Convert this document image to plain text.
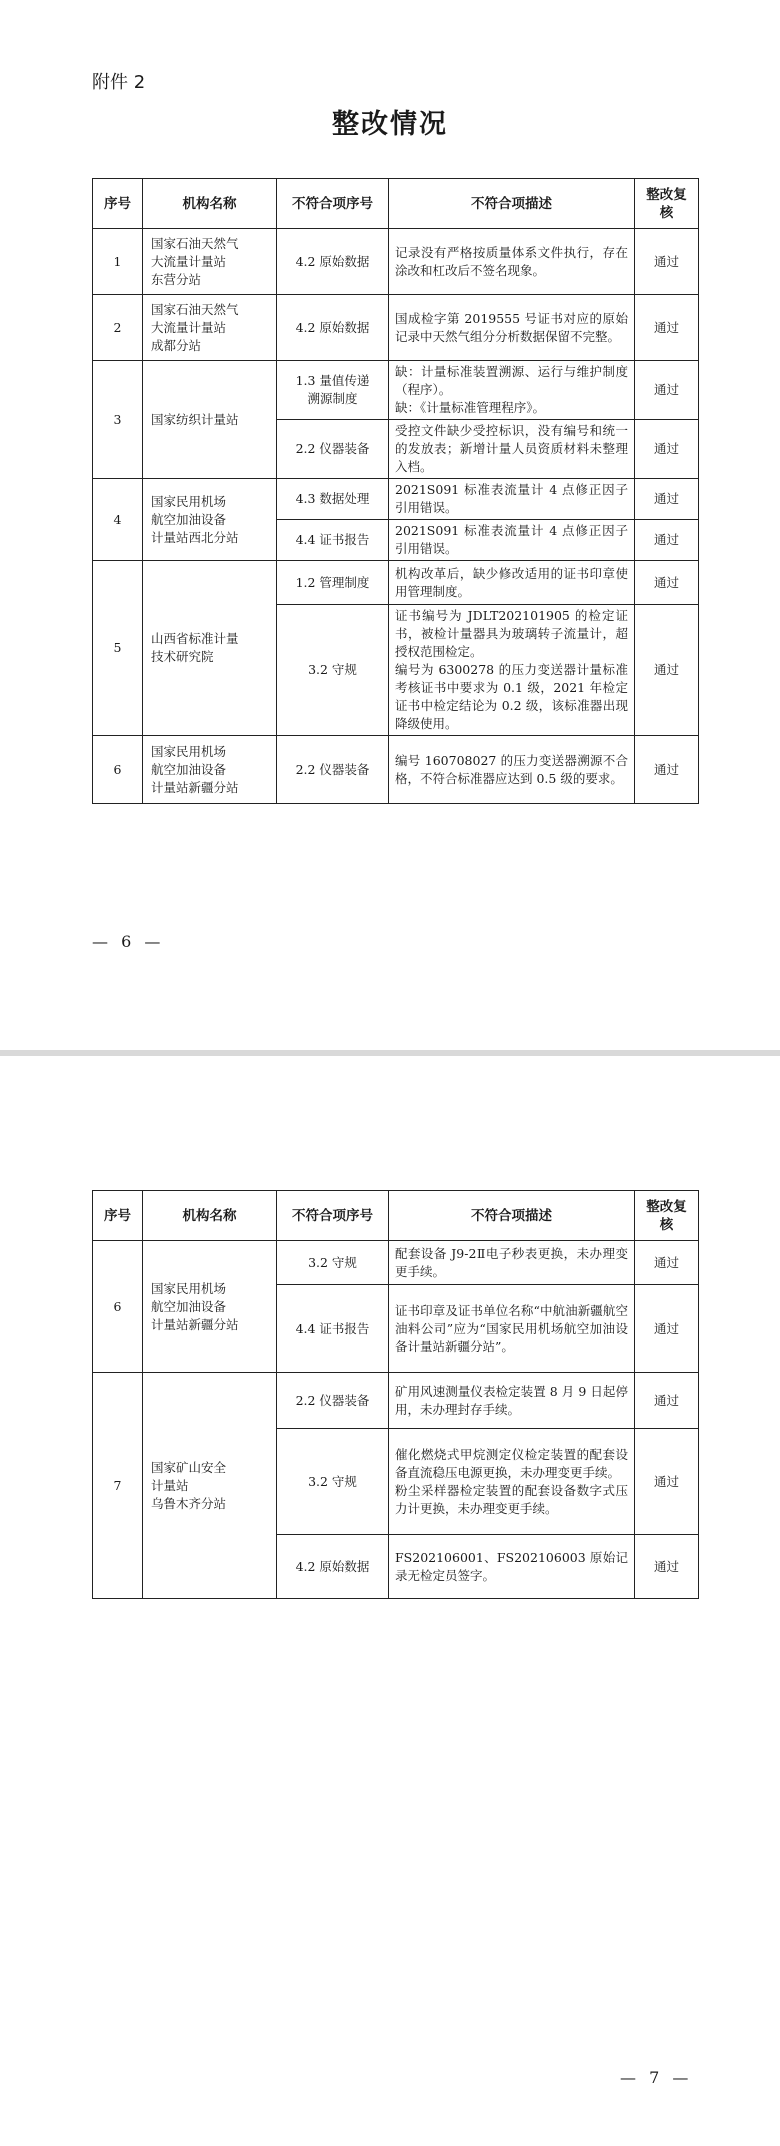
附件 2
整改情况
序号	机构名称	不符合项序号	不符合项描述	整改复核
1	国家石油天然气
大流量计量站
东营分站	4.2 原始数据	记录没有严格按质量体系文件执行，存在涂改和杠改后不签名现象。	通过
2	国家石油天然气
大流量计量站
成都分站	4.2 原始数据	国成检字第 2019555 号证书对应的原始记录中天然气组分分析数据保留不完整。	通过
3	国家纺织计量站	1.3 量值传递
溯源制度	缺：计量标准装置溯源、运行与维护制度（程序）。
缺：《计量标准管理程序》。	通过

		2.2 仪器装备	受控文件缺少受控标识，没有编号和统一的发放表；新增计量人员资质材料未整理入档。	通过
4	国家民用机场
航空加油设备
计量站西北分站	4.3 数据处理	2021S091 标准表流量计 4 点修正因子引用错误。	通过

		4.4 证书报告	2021S091 标准表流量计 4 点修正因子引用错误。	通过
5	山西省标准计量
技术研究院	1.2 管理制度	机构改革后，缺少修改适用的证书印章使用管理制度。	通过

		3.2 守规	证书编号为 JDLT202101905 的检定证书，被检计量器具为玻璃转子流量计，超授权范围检定。
编号为 6300278 的压力变送器计量标准考核证书中要求为 0.1 级，2021 年检定证书中检定结论为 0.2 级，该标准器出现降级使用。	通过
6	国家民用机场
航空加油设备
计量站新疆分站	2.2 仪器装备	编号 160708027 的压力变送器溯源不合格，不符合标准器应达到 0.5 级的要求。	通过
— 6 —
序号	机构名称	不符合项序号	不符合项描述	整改复核
6	国家民用机场
航空加油设备
计量站新疆分站	3.2 守规	配套设备 J9-2Ⅱ电子秒表更换，未办理变更手续。	通过

		4.4 证书报告	证书印章及证书单位名称“中航油新疆航空油料公司”应为“国家民用机场航空加油设备计量站新疆分站”。	通过
7	国家矿山安全
计量站
乌鲁木齐分站	2.2 仪器装备	矿用风速测量仪表检定装置 8 月 9 日起停用，未办理封存手续。	通过

		3.2 守规	催化燃烧式甲烷测定仪检定装置的配套设备直流稳压电源更换，未办理变更手续。
粉尘采样器检定装置的配套设备数字式压力计更换，未办理变更手续。	通过

		4.2 原始数据	FS202106001、FS202106003 原始记录无检定员签字。	通过
— 7 —
